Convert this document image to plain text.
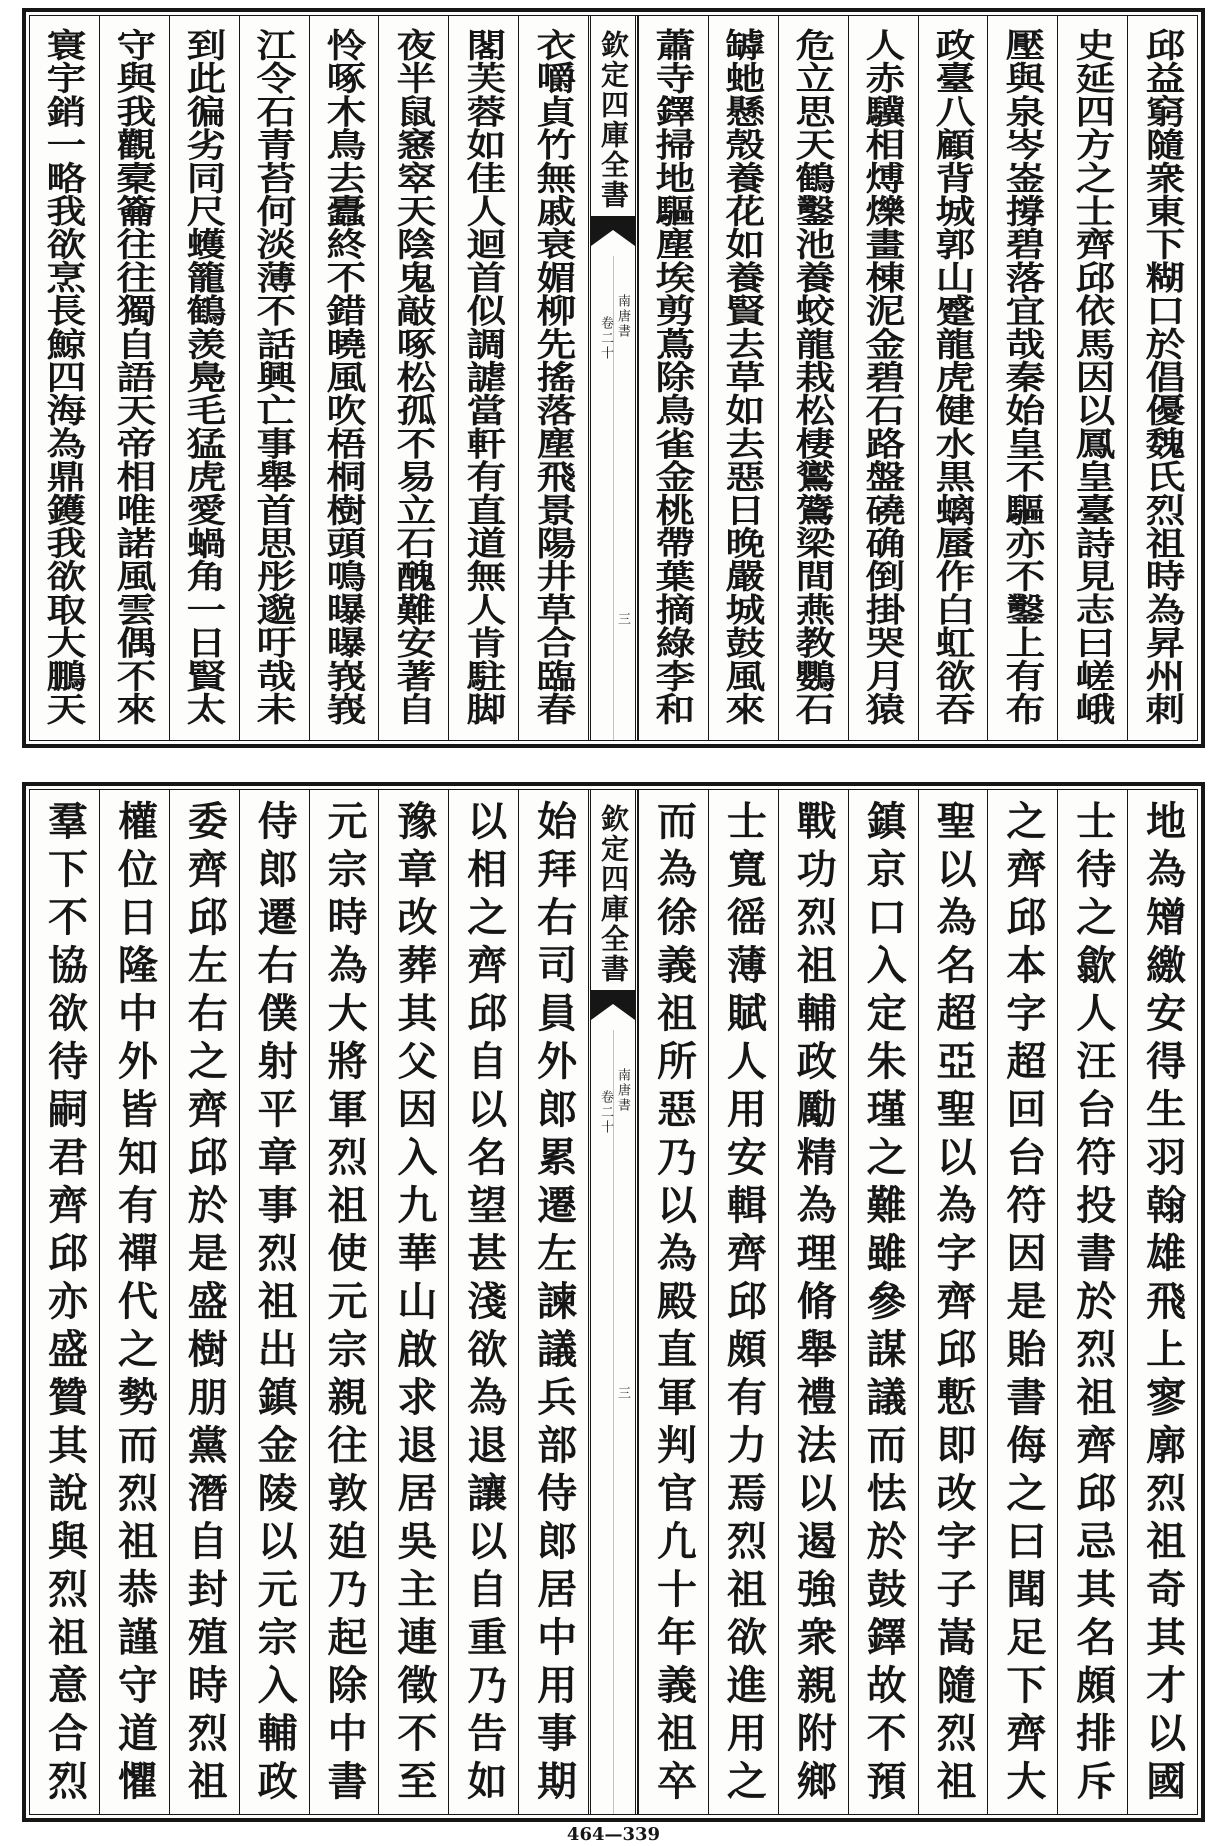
邱益窮隨衆東下糊口於倡優魏氏烈祖時為昇州刺
史延四方之士齊邱依馬因以鳳皇臺詩見志曰嵯峨
壓與泉岑崟撐碧落宜哉秦始皇不驅亦不鑿上有布
政臺八顧背城郭山蹙龍虎健水黒螭蜃作白虹欲吞
人赤驥相煿爍畫棟泥金碧石路盤磽确倒掛哭月猿
危立思天鶴鑿池養蛟龍栽松棲鸑鷟梁間燕教鸚石
罅虵懸殼養花如養賢去草如去惡日晚嚴城鼓風來
蕭寺鐸掃地驅塵埃剪蔦除鳥雀金桃帶葉摘綠李和
欽定四庫全書
南唐書
卷二十
三
衣嚼貞竹無戚衰媚柳先搖落塵飛景陽井草合臨春
閣芙蓉如佳人迴首似調謔當軒有直道無人肯駐脚
夜半鼠窸窣天陰鬼敲啄松孤不易立石醜難安著自
怜啄木鳥去蠹終不錯曉風吹梧桐樹頭鳴曝曝峩峩
江令石青苔何淡薄不話興亡事舉首思彤邈吁哉未
到此徧劣同尺蠖籠鶴羡鳧毛猛虎愛蝸角一日賢太
守與我觀槖籥往往獨自語天帝相唯諾風雲偶不來
寰宇銷一略我欲烹長鯨四海為鼎鑊我欲取大鵬天
地為矰繳安得生羽翰雄飛上寥廓烈祖奇其才以國
士待之歙人汪台符投書於烈祖齊邱忌其名頗排斥
之齊邱本字超回台符因是貽書侮之曰聞足下齊大
聖以為名超亞聖以為字齊邱慙即改字子嵩隨烈祖
鎮京口入定朱瑾之難雖參謀議而怯於鼓鐸故不預
戰功烈祖輔政勵精為理脩舉禮法以遏強衆親附鄉
士寬徭薄賦人用安輯齊邱頗有力焉烈祖欲進用之
而為徐義祖所惡乃以為殿直軍判官凢十年義祖卒
欽定四庫全書
南唐書
卷二十
三
始拜右司員外郎累遷左諫議兵部侍郎居中用事期
以相之齊邱自以名望甚淺欲為退讓以自重乃告如
豫章改葬其父因入九華山啟求退居吳主連徵不至
元宗時為大將軍烈祖使元宗親往敦廹乃起除中書
侍郎遷右僕射平章事烈祖出鎮金陵以元宗入輔政
委齊邱左右之齊邱於是盛樹朋黨潛自封殖時烈祖
權位日隆中外皆知有禪代之勢而烈祖恭謹守道懼
羣下不協欲待嗣君齊邱亦盛贊其說與烈祖意合烈
464—339
